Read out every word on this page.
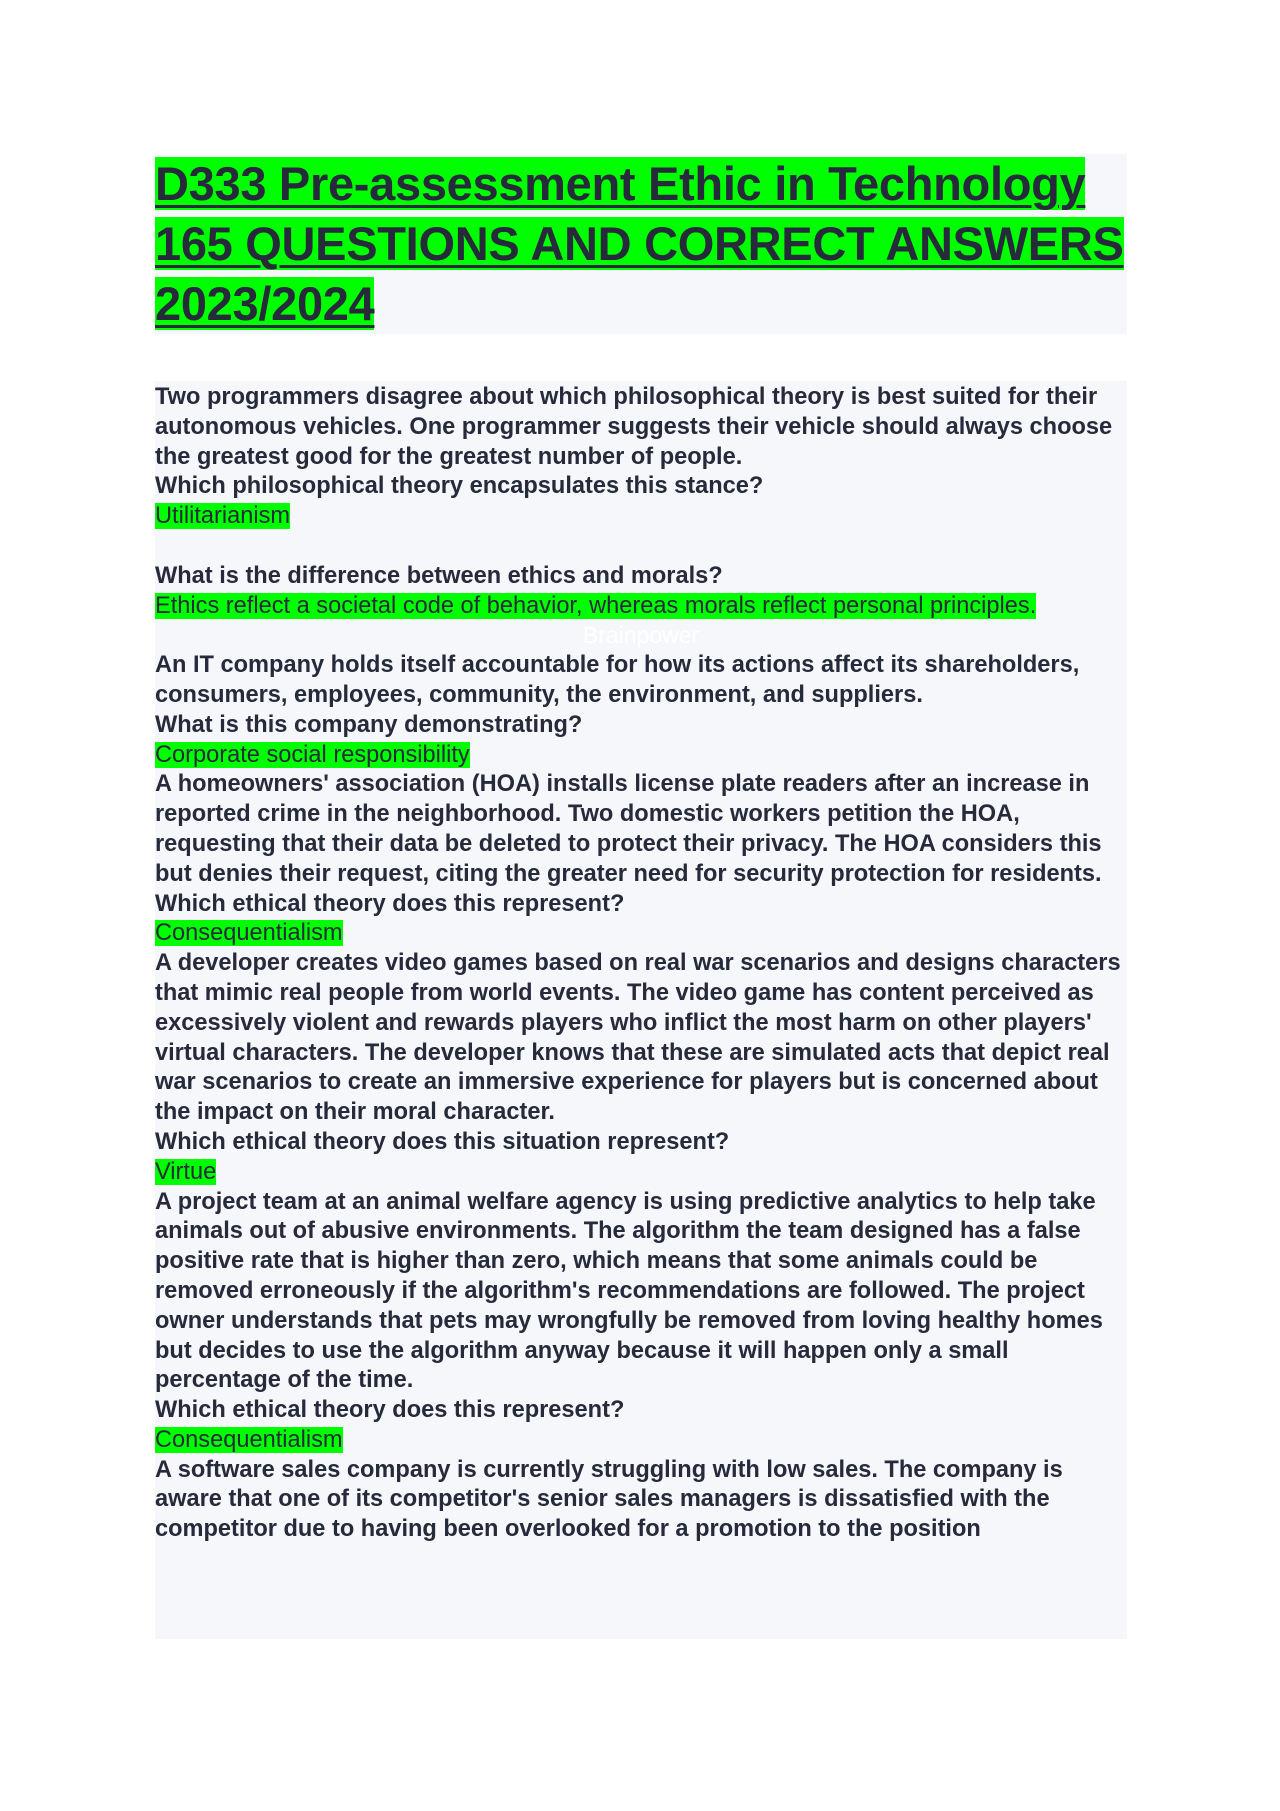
D333 Pre-assessment Ethic in Technology 165 QUESTIONS AND CORRECT ANSWERS 2023/2024

Two programmers disagree about which philosophical theory is best suited for their autonomous vehicles. One programmer suggests their vehicle should always choose the greatest good for the greatest number of people.

Which philosophical theory encapsulates this stance?

Utilitarianism

What is the difference between ethics and morals?

Ethics reflect a societal code of behavior, whereas morals reflect personal principles.

Brainpower

An IT company holds itself accountable for how its actions affect its shareholders, consumers, employees, community, the environment, and suppliers.

What is this company demonstrating?

Corporate social responsibility

A homeowners' association (HOA) installs license plate readers after an increase in reported crime in the neighborhood. Two domestic workers petition the HOA, requesting that their data be deleted to protect their privacy. The HOA considers this but denies their request, citing the greater need for security protection for residents.

Which ethical theory does this represent?

Consequentialism

A developer creates video games based on real war scenarios and designs characters that mimic real people from world events. The video game has content perceived as excessively violent and rewards players who inflict the most harm on other players' virtual characters. The developer knows that these are simulated acts that depict real war scenarios to create an immersive experience for players but is concerned about the impact on their moral character.

Which ethical theory does this situation represent?

Virtue

A project team at an animal welfare agency is using predictive analytics to help take animals out of abusive environments. The algorithm the team designed has a false positive rate that is higher than zero, which means that some animals could be removed erroneously if the algorithm's recommendations are followed. The project owner understands that pets may wrongfully be removed from loving healthy homes but decides to use the algorithm anyway because it will happen only a small percentage of the time.

Which ethical theory does this represent?

Consequentialism

A software sales company is currently struggling with low sales. The company is aware that one of its competitor's senior sales managers is dissatisfied with the competitor due to having been overlooked for a promotion to the position
